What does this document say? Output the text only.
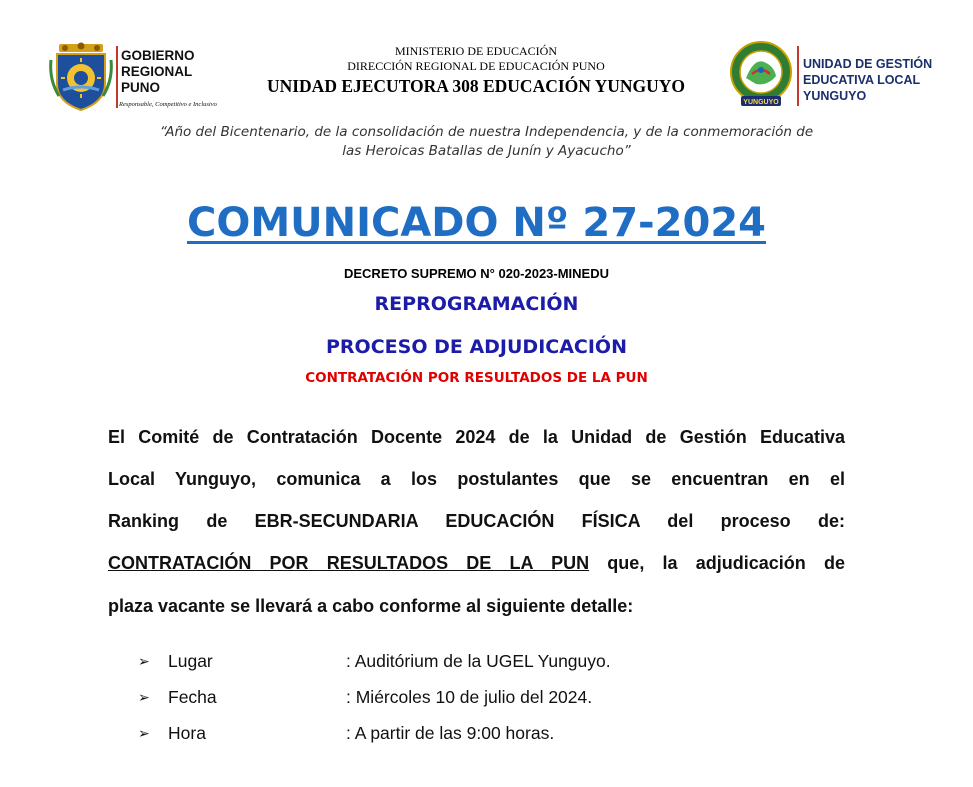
GOBIERNO
REGIONAL
PUNO
Responsable, Competitivo e Inclusivo
MINISTERIO DE EDUCACIÓN
DIRECCIÓN REGIONAL DE EDUCACIÓN PUNO
UNIDAD EJECUTORA 308 EDUCACIÓN YUNGUYO
YUNGUYO
UNIDAD DE GESTIÓN
EDUCATIVA LOCAL
YUNGUYO
“Año del Bicentenario, de la consolidación de nuestra Independencia, y de la conmemoración de
las Heroicas Batallas de Junín y Ayacucho”
COMUNICADO Nº 27-2024
DECRETO SUPREMO N° 020-2023-MINEDU
REPROGRAMACIÓN
PROCESO DE ADJUDICACIÓN
CONTRATACIÓN POR RESULTADOS DE LA PUN
El Comité de Contratación Docente 2024 de la Unidad de Gestión Educativa
Local Yunguyo, comunica a los postulantes que se encuentran en el
Ranking de EBR-SECUNDARIA EDUCACIÓN FÍSICA del proceso de:
CONTRATACIÓN POR RESULTADOS DE LA PUN que, la adjudicación de
plaza vacante se llevará a cabo conforme al siguiente detalle:
➢ Lugar	: Auditórium de la UGEL Yunguyo.
➢ Fecha	: Miércoles 10 de julio del 2024.
➢ Hora	: A partir de las 9:00 horas.
